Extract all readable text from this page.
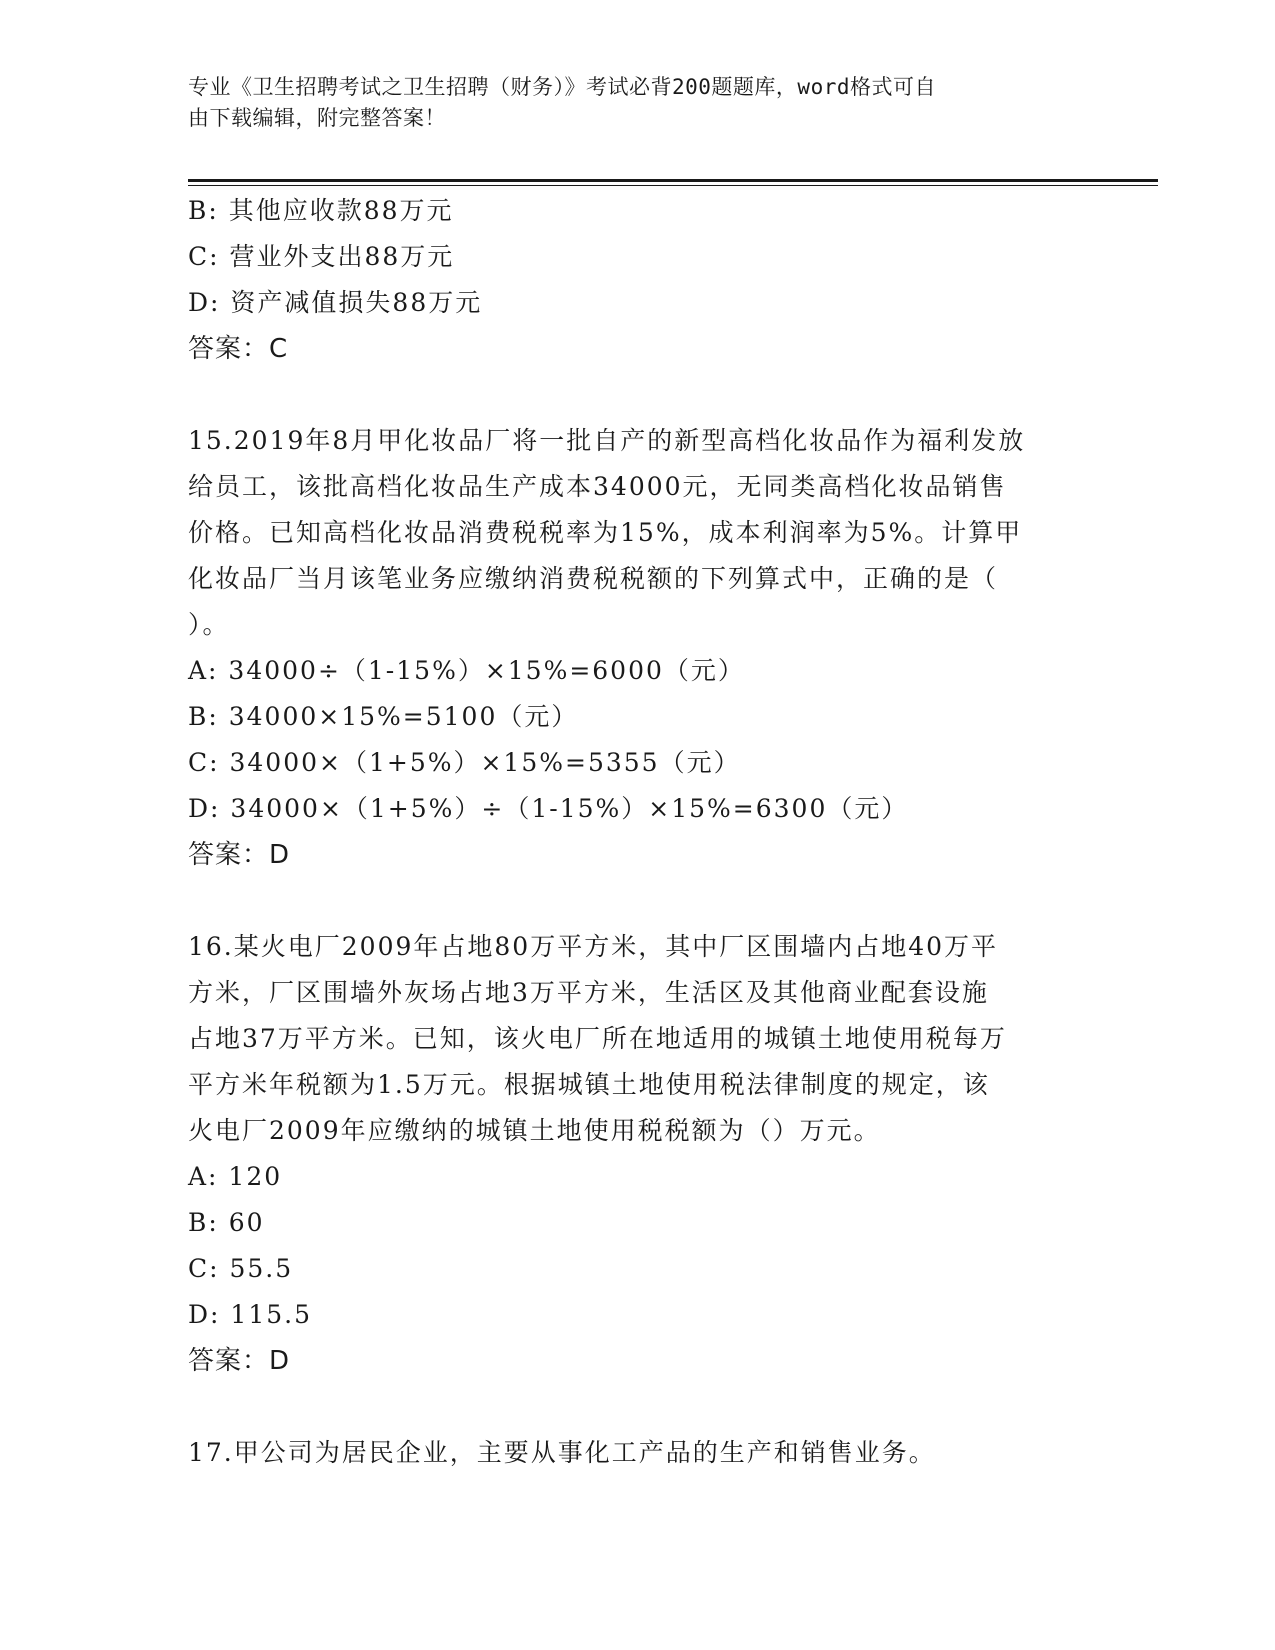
专业《卫生招聘考试之卫生招聘（财务）》考试必背200题题库，word格式可自
由下载编辑，附完整答案！
B: 其他应收款88万元
C: 营业外支出88万元
D: 资产减值损失88万元
答案：C
15.2019年8月甲化妆品厂将一批自产的新型高档化妆品作为福利发放
给员工，该批高档化妆品生产成本34000元，无同类高档化妆品销售
价格。已知高档化妆品消费税税率为15%，成本利润率为5%。计算甲
化妆品厂当月该笔业务应缴纳消费税税额的下列算式中，正确的是（
）。
A: 34000÷（1-15%）×15%=6000（元）
B: 34000×15%=5100（元）
C: 34000×（1+5%）×15%=5355（元）
D: 34000×（1+5%）÷（1-15%）×15%=6300（元）
答案：D
16.某火电厂2009年占地80万平方米，其中厂区围墙内占地40万平
方米，厂区围墙外灰场占地3万平方米，生活区及其他商业配套设施
占地37万平方米。已知，该火电厂所在地适用的城镇土地使用税每万
平方米年税额为1.5万元。根据城镇土地使用税法律制度的规定，该
火电厂2009年应缴纳的城镇土地使用税税额为（）万元。
A: 120
B: 60
C: 55.5
D: 115.5
答案：D
17.甲公司为居民企业，主要从事化工产品的生产和销售业务。
